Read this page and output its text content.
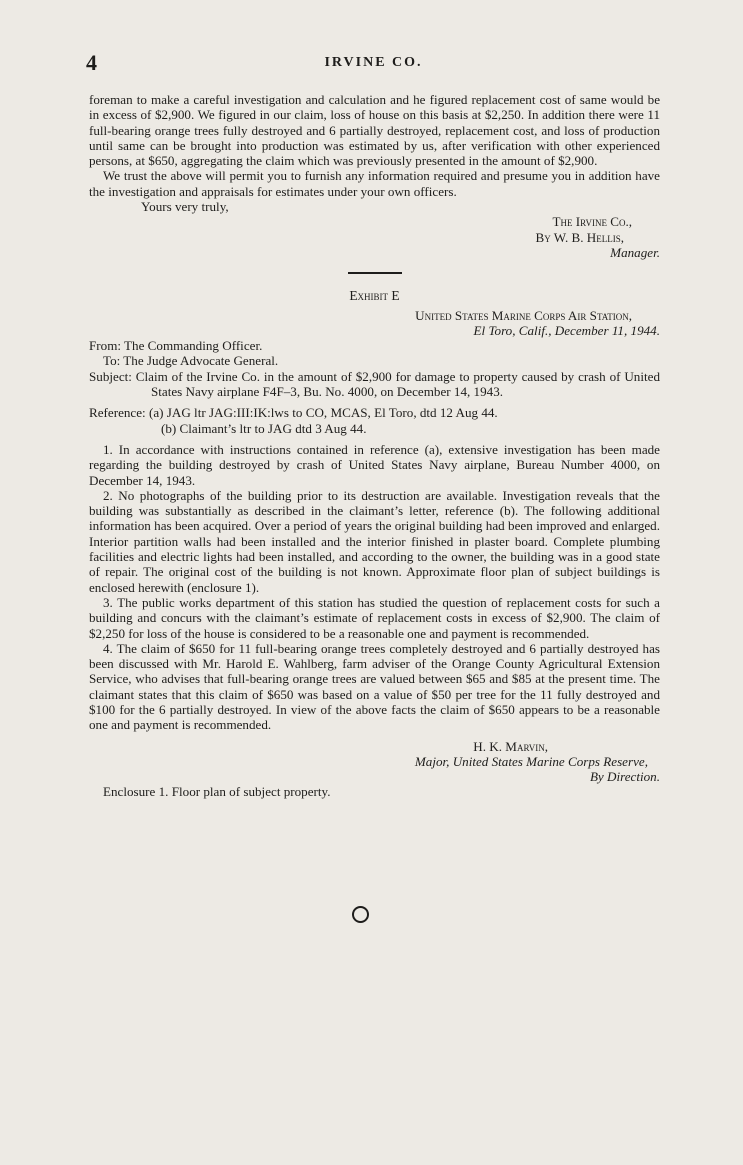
4	IRVINE CO.

foreman to make a careful investigation and calculation and he figured replacement cost of same would be in excess of $2,900. We figured in our claim, loss of house on this basis at $2,250. In addition there were 11 full-bearing orange trees fully destroyed and 6 partially destroyed, replacement cost, and loss of production until same can be brought into production was estimated by us, after verification with other experienced persons, at $650, aggregating the claim which was previously presented in the amount of $2,900.

We trust the above will permit you to furnish any information required and presume you in addition have the investigation and appraisals for estimates under your own officers.

Yours very truly,

The Irvine Co.,

By W. B. Hellis,

Manager.

Exhibit E

United States Marine Corps Air Station,

El Toro, Calif., December 11, 1944.

From: The Commanding Officer.

To: The Judge Advocate General.

Subject: Claim of the Irvine Co. in the amount of $2,900 for damage to property caused by crash of United States Navy airplane F4F–3, Bu. No. 4000, on December 14, 1943.

Reference: (a) JAG ltr JAG:III:IK:lws to CO, MCAS, El Toro, dtd 12 Aug 44.

(b) Claimant’s ltr to JAG dtd 3 Aug 44.

1. In accordance with instructions contained in reference (a), extensive investigation has been made regarding the building destroyed by crash of United States Navy airplane, Bureau Number 4000, on December 14, 1943.

2. No photographs of the building prior to its destruction are available. Investigation reveals that the building was substantially as described in the claimant’s letter, reference (b). The following additional information has been acquired. Over a period of years the original building had been improved and enlarged. Interior partition walls had been installed and the interior finished in plaster board. Complete plumbing facilities and electric lights had been installed, and according to the owner, the building was in a good state of repair. The original cost of the building is not known. Approximate floor plan of subject buildings is enclosed herewith (enclosure 1).

3. The public works department of this station has studied the question of replacement costs for such a building and concurs with the claimant’s estimate of replacement costs in excess of $2,900. The claim of $2,250 for loss of the house is considered to be a reasonable one and payment is recommended.

4. The claim of $650 for 11 full-bearing orange trees completely destroyed and 6 partially destroyed has been discussed with Mr. Harold E. Wahlberg, farm adviser of the Orange County Agricultural Extension Service, who advises that full-bearing orange trees are valued between $65 and $85 at the present time. The claimant states that this claim of $650 was based on a value of $50 per tree for the 11 fully destroyed and $100 for the 6 partially destroyed. In view of the above facts the claim of $650 appears to be a reasonable one and payment is recommended.

H. K. Marvin,

Major, United States Marine Corps Reserve,

By Direction.

Enclosure 1. Floor plan of subject property.
